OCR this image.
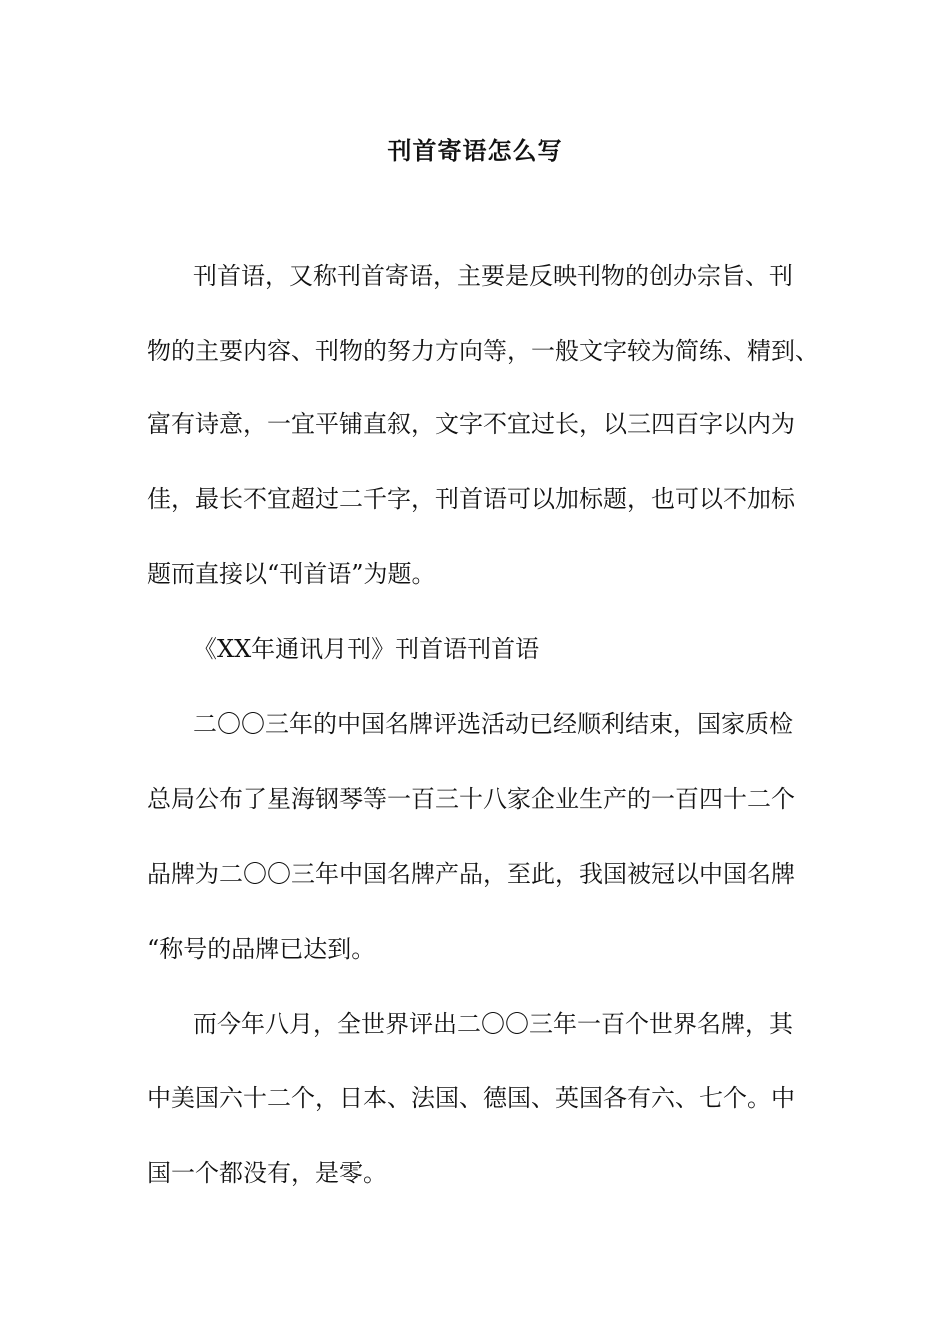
刊首寄语怎么写
刊首语，又称刊首寄语，主要是反映刊物的创办宗旨、刊
物的主要内容、刊物的努力方向等，一般文字较为简练、精到、
富有诗意，一宜平铺直叙，文字不宜过长，以三四百字以内为
佳，最长不宜超过二千字，刊首语可以加标题，也可以不加标
题而直接以“刊首语”为题。
《XX年通讯月刊》刊首语刊首语
二〇〇三年的中国名牌评选活动已经顺利结束，国家质检
总局公布了星海钢琴等一百三十八家企业生产的一百四十二个
品牌为二〇〇三年中国名牌产品，至此，我国被冠以中国名牌
“称号的品牌已达到。
而今年八月，全世界评出二〇〇三年一百个世界名牌，其
中美国六十二个，日本、法国、德国、英国各有六、七个。中
国一个都没有，是零。
